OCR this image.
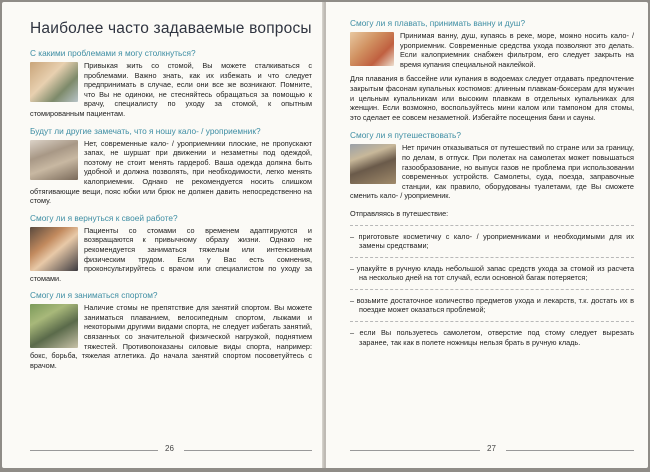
Наиболее часто задаваемые вопросы
С какими проблемами я могу столкнуться?

Привыкая жить со стомой, Вы можете сталкиваться с проблемами. Важно знать, как их избежать и что следует предпринимать в случае, если они все же возникают. Помните, что Вы не одиноки, не стесняйтесь обращаться за помощью к врачу, специалисту по уходу за стомой, к опытным стомированным пациентам.

Будут ли другие замечать, что я ношу кало- / уроприемник?

Нет, современные кало- / уроприемники плоские, не пропускают запах, не шуршат при движении и незаметны под одеждой, поэтому не стоит менять гардероб. Ваша одежда должна быть удобной и должна позволять, при необходимости, легко менять калоприемник. Однако не рекомендуется носить слишком обтягивающие вещи, пояс юбки или брюк не должен давить непосредственно на стому.

Смогу ли я вернуться к своей работе?

Пациенты со стомами со временем адаптируются и возвращаются к привычному образу жизни. Однако не рекомендуется заниматься тяжелым или интенсивным физическим трудом. Если у Вас есть сомнения, проконсультируйтесь с врачом или специалистом по уходу за стомами.

Смогу ли я заниматься спортом?

Наличие стомы не препятствие для занятий спортом. Вы можете заниматься плаванием, велосипедным спортом, лыжами и некоторыми другими видами спорта, не следует избегать занятий, связанных со значительной физической нагрузкой, поднятием тяжестей. Противопоказаны силовые виды спорта, например: бокс, борьба, тяжелая атлетика. До начала занятий спортом посоветуйтесь с врачом.

26
Смогу ли я плавать, принимать ванну и душ?

Принимая ванну, душ, купаясь в реке, море, можно носить кало- / уроприемник. Современные средства ухода позволяют это делать. Если калоприемник снабжен фильтром, его следует закрыть на время купания специальной наклейкой.

Для плавания в бассейне или купания в водоемах следует отдавать предпочтение закрытым фасонам купальных костюмов: длинным плавкам-боксерам для мужчин и цельным купальникам или высоким плавкам в отдельных купальниках для женщин. Если возможно, воспользуйтесь мини калом или тампоном для стомы, это сделает ее совсем незаметной. Избегайте посещения бани и сауны.

Смогу ли я путешествовать?

Нет причин отказываться от путешествий по стране или за границу, по делам, в отпуск. При полетах на самолетах может повышаться газообразование, но выпуск газов не проблема при использовании современных устройств. Самолеты, суда, поезда, заправочные станции, как правило, оборудованы туалетами, где Вы сможете сменить кало- / уроприемник.

Отправляясь в путешествие:

– приготовьте косметичку с кало- / уроприемниками и необходимыми для их замены средствами;

– упакуйте в ручную кладь небольшой запас средств ухода за стомой из расчета на несколько дней на тот случай, если основной багаж потеряется;

– возьмите достаточное количество предметов ухода и лекарств, т.к. достать их в поездке может оказаться проблемой;

– если Вы пользуетесь самолетом, отверстие под стому следует вырезать заранее, так как в полете ножницы нельзя брать в ручную кладь.

27
